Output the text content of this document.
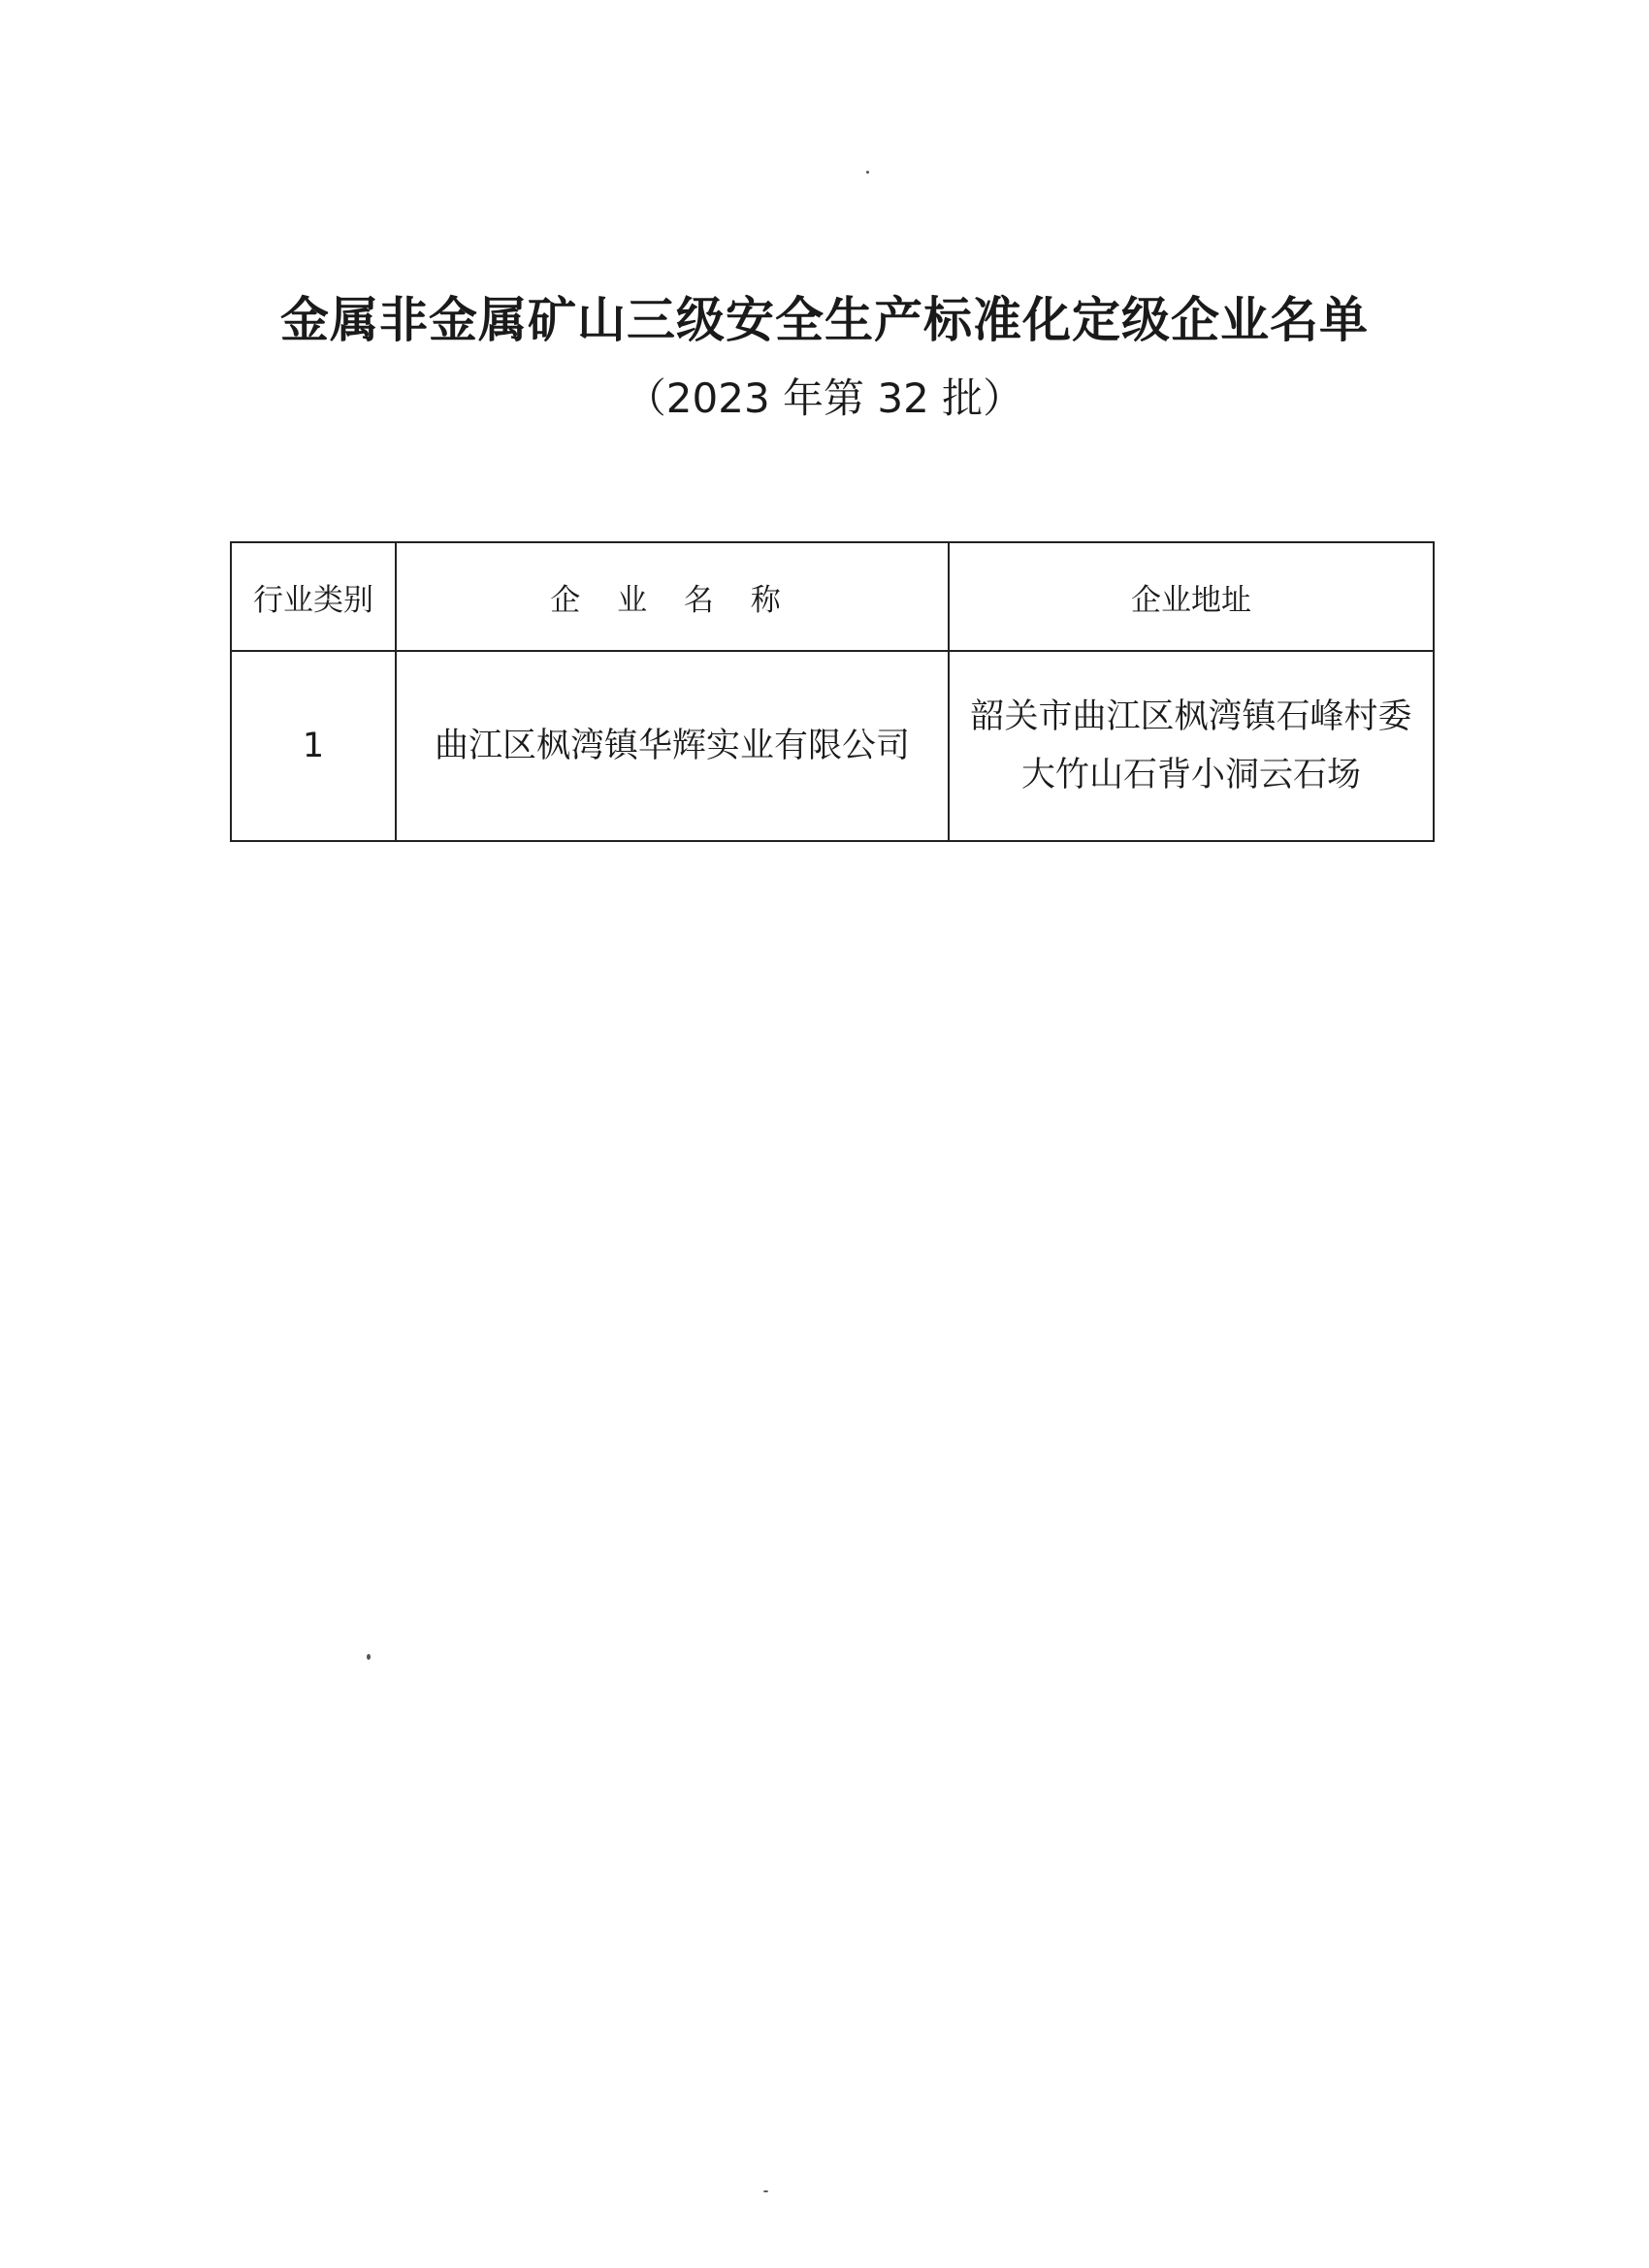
金属非金属矿山三级安全生产标准化定级企业名单
（2023 年第 32 批）
行业类别	企 业 名 称	企业地址
1	曲江区枫湾镇华辉实业有限公司	韶关市曲江区枫湾镇石峰村委大竹山石背小洞云石场
